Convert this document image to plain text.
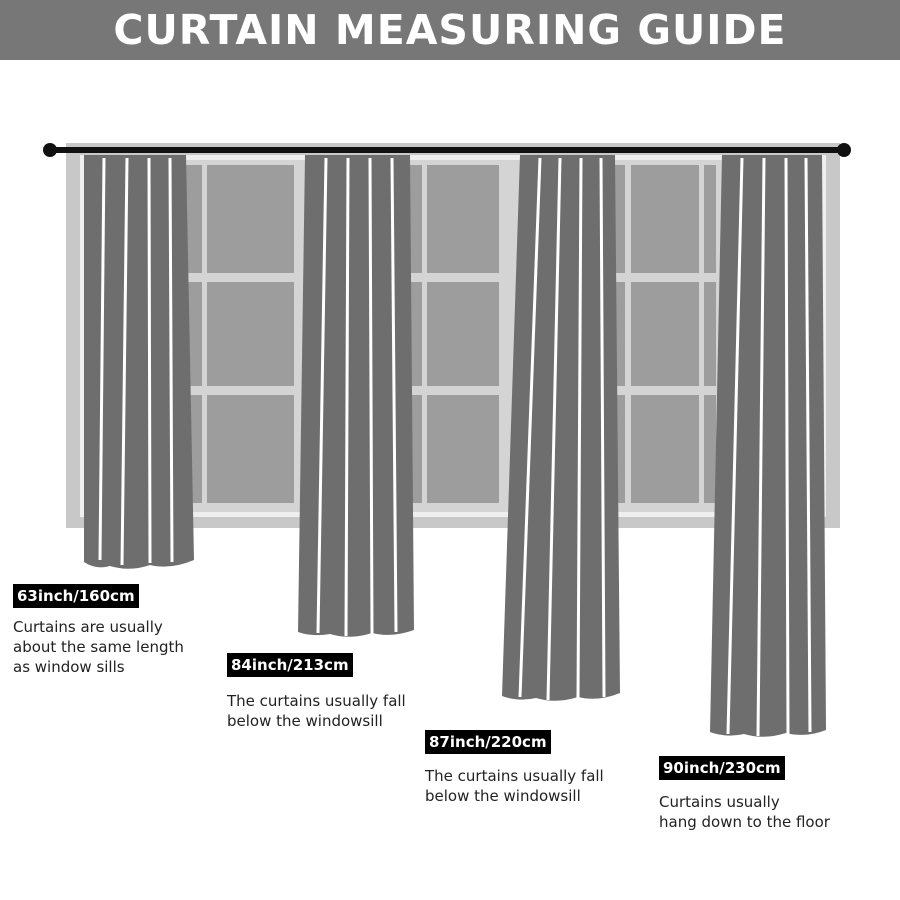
CURTAIN MEASURING GUIDE
63inch/160cm
Curtains are usually
about the same length
as window sills	84inch/213cm
The curtains usually fall
below the windowsill
87inch/220cm
The curtains usually fall
below the windowsill
90inch/230cm
Curtains usually
hang down to the floor
